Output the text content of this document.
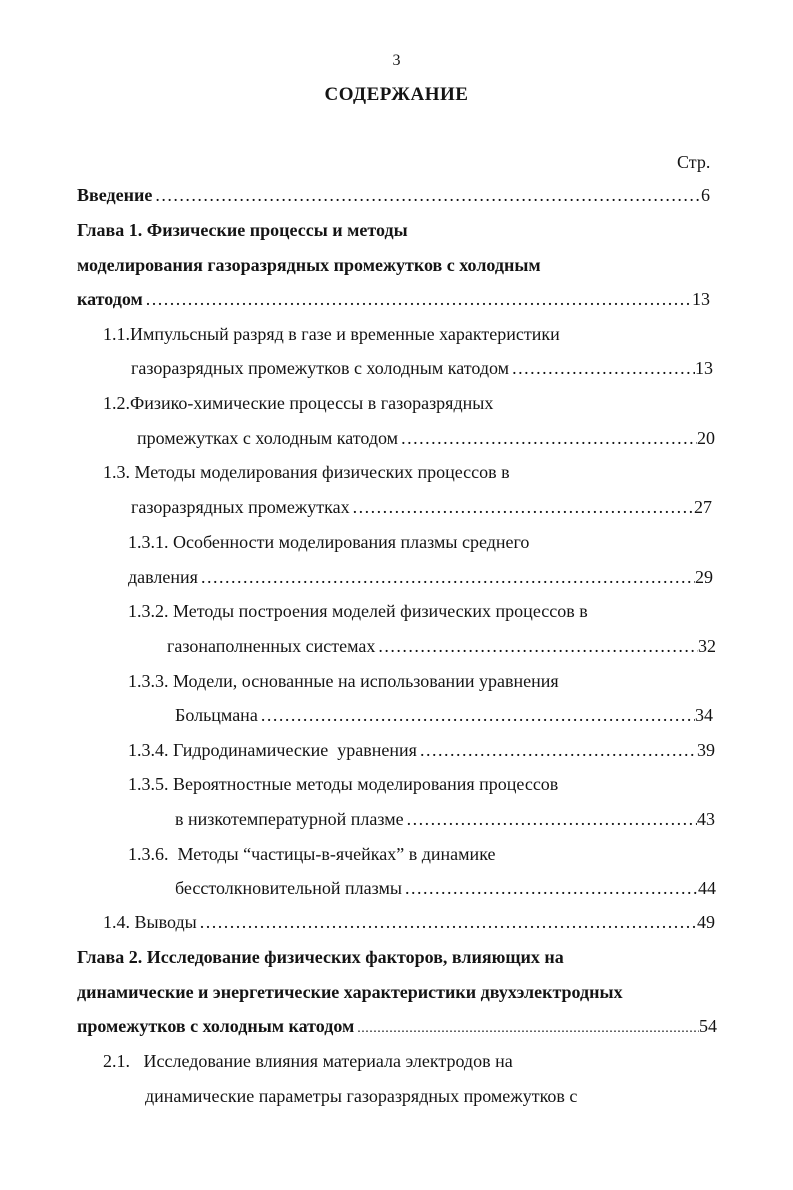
3
СОДЕРЖАНИЕ
Стр.
Введение .....	6
Глава 1. Физические процессы и методы
моделирования газоразрядных промежутков с холодным
катодом .....	13
1.1.Импульсный разряд в газе и временные характеристики
газоразрядных промежутков с холодным катодом .....	13
1.2.Физико-химические процессы в газоразрядных
промежутках с холодным катодом .....	20
1.3. Методы моделирования физических процессов в
газоразрядных промежутках .....	27
1.3.1. Особенности моделирования плазмы среднего
давления .....	29
1.3.2. Методы построения моделей физических процессов в
газонаполненных системах .....	32
1.3.3. Модели, основанные на использовании уравнения
Больцмана .....	34
1.3.4. Гидродинамические  уравнения .....	39
1.3.5. Вероятностные методы моделирования процессов
в низкотемпературной плазме .....	43
1.3.6.  Методы “частицы-в-ячейках” в динамике
бесстолкновительной плазмы .....	44
1.4. Выводы .....	49
Глава 2. Исследование физических факторов, влияющих на
динамические и энергетические характеристики двухэлектродных
промежутков с холодным катодом .....	54
2.1.   Исследование влияния материала электродов на
динамические параметры газоразрядных промежутков с
